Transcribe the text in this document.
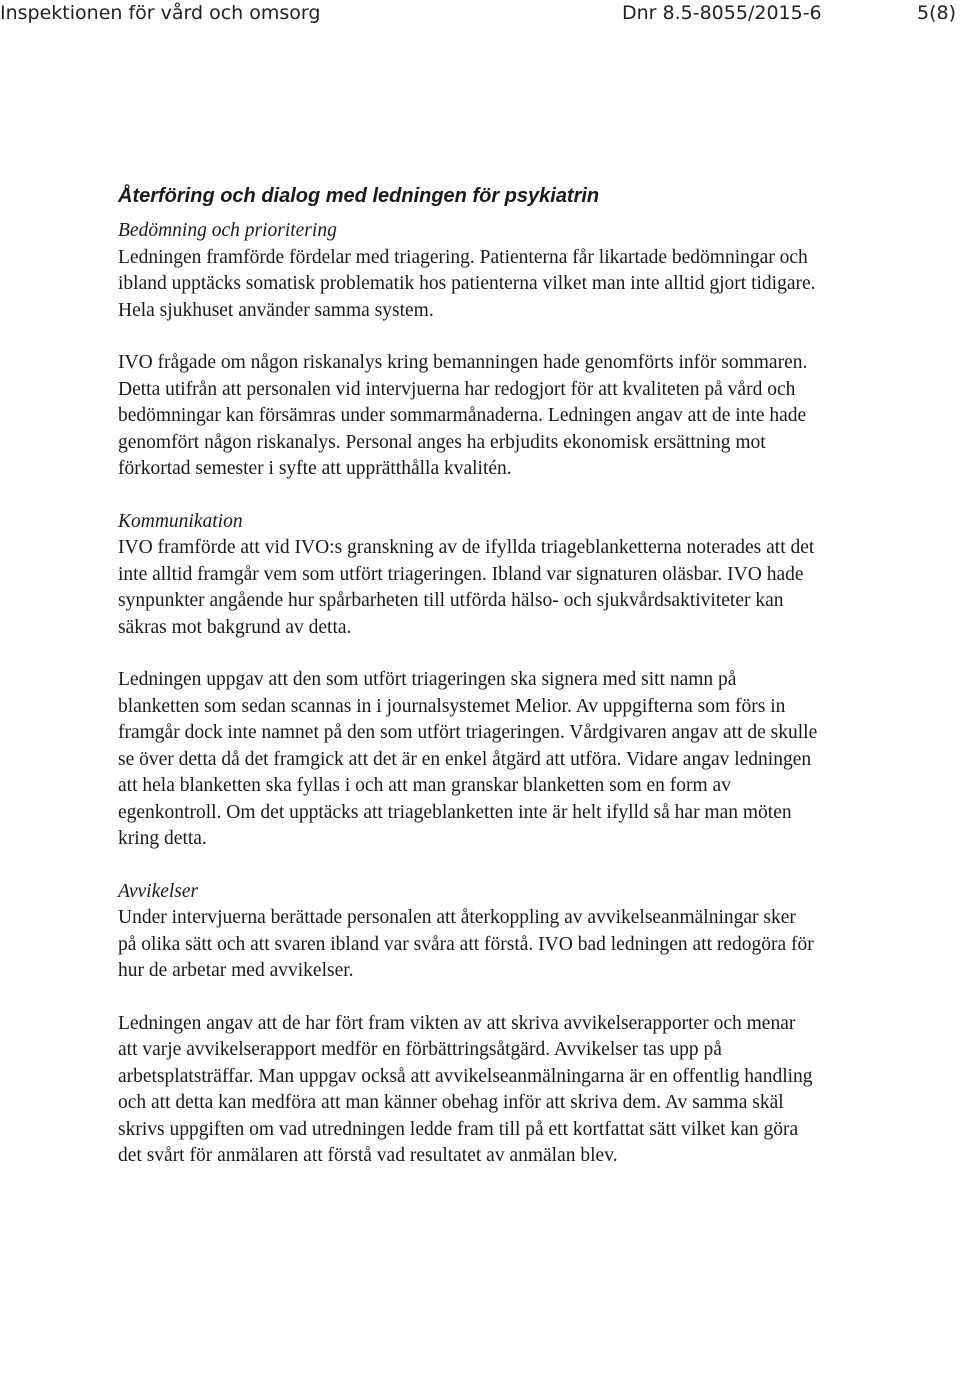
Inspektionen för vård och omsorg	Dnr 8.5-8055/2015-6	5(8)
Återföring och dialog med ledningen för psykiatrin

Bedömning och prioritering

Ledningen framförde fördelar med triagering. Patienterna får likartade bedömningar och ibland upptäcks somatisk problematik hos patienterna vilket man inte alltid gjort tidigare. Hela sjukhuset använder samma system.

IVO frågade om någon riskanalys kring bemanningen hade genomförts inför sommaren. Detta utifrån att personalen vid intervjuerna har redogjort för att kvaliteten på vård och bedömningar kan försämras under sommarmånaderna. Ledningen angav att de inte hade genomfört någon riskanalys. Personal anges ha erbjudits ekonomisk ersättning mot förkortad semester i syfte att upprätthålla kvalitén.

Kommunikation

IVO framförde att vid IVO:s granskning av de ifyllda triageblanketterna noterades att det inte alltid framgår vem som utfört triageringen. Ibland var signaturen oläsbar. IVO hade synpunkter angående hur spårbarheten till utförda hälso- och sjukvårdsaktiviteter kan säkras mot bakgrund av detta.

Ledningen uppgav att den som utfört triageringen ska signera med sitt namn på blanketten som sedan scannas in i journalsystemet Melior. Av uppgifterna som förs in framgår dock inte namnet på den som utfört triageringen. Vårdgivaren angav att de skulle se över detta då det framgick att det är en enkel åtgärd att utföra. Vidare angav ledningen att hela blanketten ska fyllas i och att man granskar blanketten som en form av egenkontroll. Om det upptäcks att triageblanketten inte är helt ifylld så har man möten kring detta.

Avvikelser

Under intervjuerna berättade personalen att återkoppling av avvikelseanmälningar sker på olika sätt och att svaren ibland var svåra att förstå. IVO bad ledningen att redogöra för hur de arbetar med avvikelser.

Ledningen angav att de har fört fram vikten av att skriva avvikelserapporter och menar att varje avvikelserapport medför en förbättringsåtgärd. Avvikelser tas upp på arbetsplatsträffar. Man uppgav också att avvikelseanmälningarna är en offentlig handling och att detta kan medföra att man känner obehag inför att skriva dem. Av samma skäl skrivs uppgiften om vad utredningen ledde fram till på ett kortfattat sätt vilket kan göra det svårt för anmälaren att förstå vad resultatet av anmälan blev.
